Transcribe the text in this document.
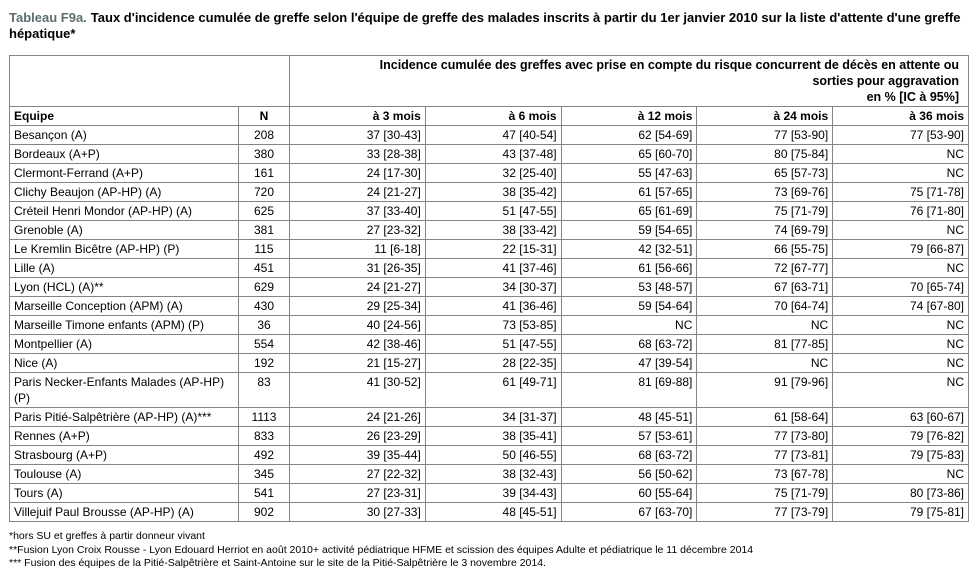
Tableau F9a. Taux d'incidence cumulée de greffe selon l'équipe de greffe des malades inscrits à partir du 1er janvier 2010 sur la liste d'attente d'une greffe hépatique*

		Incidence cumulée des greffes avec prise en compte du risque concurrent de décès en attente ou
sorties pour aggravation
en % [IC à 95%]				

Equipe	N	à 3 mois	à 6 mois	à 12 mois	à 24 mois	à 36 mois
Besançon (A)	208	37 [30-43]	47 [40-54]	62 [54-69]	77 [53-90]	77 [53-90]
Bordeaux (A+P)	380	33 [28-38]	43 [37-48]	65 [60-70]	80 [75-84]	NC
Clermont-Ferrand (A+P)	161	24 [17-30]	32 [25-40]	55 [47-63]	65 [57-73]	NC
Clichy Beaujon (AP-HP) (A)	720	24 [21-27]	38 [35-42]	61 [57-65]	73 [69-76]	75 [71-78]
Créteil Henri Mondor (AP-HP) (A)	625	37 [33-40]	51 [47-55]	65 [61-69]	75 [71-79]	76 [71-80]
Grenoble (A)	381	27 [23-32]	38 [33-42]	59 [54-65]	74 [69-79]	NC
Le Kremlin Bicêtre (AP-HP) (P)	115	11 [6-18]	22 [15-31]	42 [32-51]	66 [55-75]	79 [66-87]
Lille (A)	451	31 [26-35]	41 [37-46]	61 [56-66]	72 [67-77]	NC
Lyon (HCL) (A)**	629	24 [21-27]	34 [30-37]	53 [48-57]	67 [63-71]	70 [65-74]
Marseille Conception (APM) (A)	430	29 [25-34]	41 [36-46]	59 [54-64]	70 [64-74]	74 [67-80]
Marseille Timone enfants (APM) (P)	36	40 [24-56]	73 [53-85]	NC	NC	NC
Montpellier (A)	554	42 [38-46]	51 [47-55]	68 [63-72]	81 [77-85]	NC
Nice (A)	192	21 [15-27]	28 [22-35]	47 [39-54]	NC	NC
Paris Necker-Enfants Malades (AP-HP) (P)	83	41 [30-52]	61 [49-71]	81 [69-88]	91 [79-96]	NC
Paris Pitié-Salpêtrière (AP-HP) (A)***	1113	24 [21-26]	34 [31-37]	48 [45-51]	61 [58-64]	63 [60-67]
Rennes (A+P)	833	26 [23-29]	38 [35-41]	57 [53-61]	77 [73-80]	79 [76-82]
Strasbourg (A+P)	492	39 [35-44]	50 [46-55]	68 [63-72]	77 [73-81]	79 [75-83]
Toulouse (A)	345	27 [22-32]	38 [32-43]	56 [50-62]	73 [67-78]	NC
Tours (A)	541	27 [23-31]	39 [34-43]	60 [55-64]	75 [71-79]	80 [73-86]
Villejuif Paul Brousse (AP-HP) (A)	902	30 [27-33]	48 [45-51]	67 [63-70]	77 [73-79]	79 [75-81]
*hors SU et greffes à partir donneur vivant
**Fusion Lyon Croix Rousse - Lyon Edouard Herriot en août 2010+ activité pédiatrique HFME et scission des équipes Adulte et pédiatrique le 11 décembre 2014
*** Fusion des équipes de la Pitié-Salpêtrière et Saint-Antoine sur le site de la Pitié-Salpêtrière le 3 novembre 2014.
